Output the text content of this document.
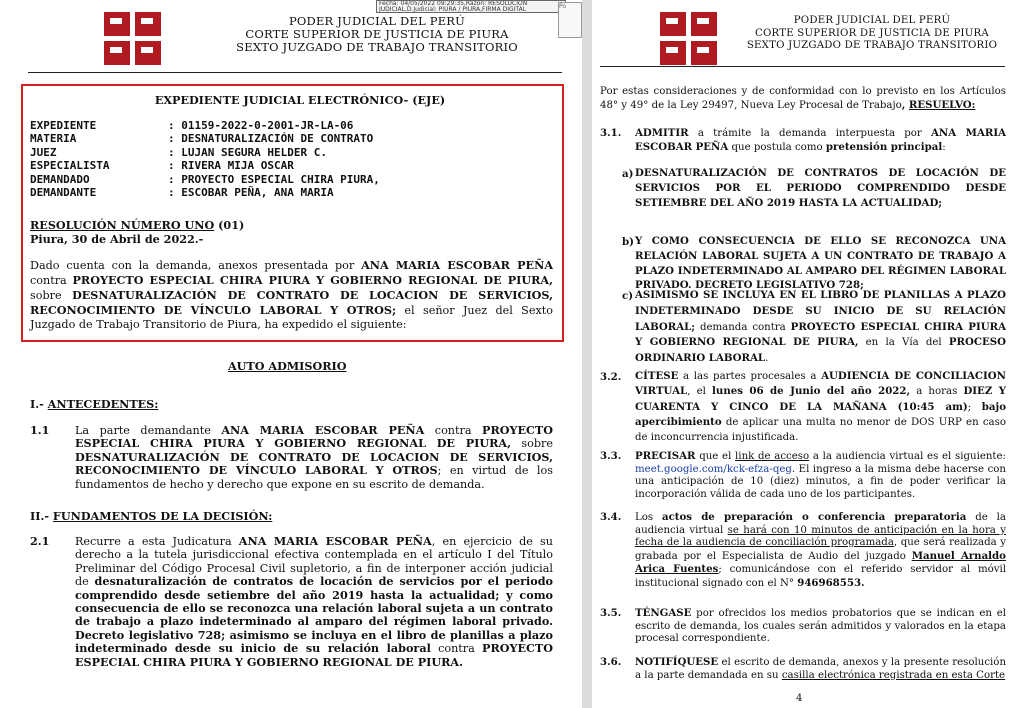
PODER JUDICIAL DEL PERÚ
CORTE SUPERIOR DE JUSTICIA DE PIURA
SEXTO JUZGADO DE TRABAJO TRANSITORIO
Fecha: 04/05/2022 09:29:35,Razón: RESOLUCIÓN
JUDICIAL,D.Judicial: PIURA / PIURA,FIRMA DIGITAL	Po
EXPEDIENTE JUDICIAL ELECTRÓNICO- (EJE)
EXPEDIENTE	: 01159-2022-0-2001-JR-LA-06
MATERIA	: DESNATURALIZACIÓN DE CONTRATO
JUEZ	: LUJAN SEGURA HELDER C.
ESPECIALISTA	: RIVERA MIJA OSCAR
DEMANDADO	: PROYECTO ESPECIAL CHIRA PIURA,
DEMANDANTE	: ESCOBAR PEÑA, ANA MARIA
RESOLUCIÓN NÚMERO UNO (01)
Piura, 30 de Abril de 2022.-
Dado cuenta con la demanda, anexos presentada por ANA MARIA ESCOBAR PEÑA contra PROYECTO ESPECIAL CHIRA PIURA Y GOBIERNO REGIONAL DE PIURA, sobre DESNATURALIZACIÓN DE CONTRATO DE LOCACION DE SERVICIOS, RECONOCIMIENTO DE VÍNCULO LABORAL Y OTROS; el señor Juez del Sexto Juzgado de Trabajo Transitorio de Piura, ha expedido el siguiente:
AUTO ADMISORIO
I.- ANTECEDENTES:
1.1 La parte demandante ANA MARIA ESCOBAR PEÑA contra PROYECTO ESPECIAL CHIRA PIURA Y GOBIERNO REGIONAL DE PIURA, sobre DESNATURALIZACIÓN DE CONTRATO DE LOCACION DE SERVICIOS, RECONOCIMIENTO DE VÍNCULO LABORAL Y OTROS; en virtud de los fundamentos de hecho y derecho que expone en su escrito de demanda.
II.- FUNDAMENTOS DE LA DECISIÓN:
2.1 Recurre a esta Judicatura ANA MARIA ESCOBAR PEÑA, en ejercicio de su derecho a la tutela jurisdiccional efectiva contemplada en el artículo I del Título Preliminar del Código Procesal Civil supletorio, a fin de interponer acción judicial de desnaturalización de contratos de locación de servicios por el periodo comprendido desde setiembre del año 2019 hasta la actualidad; y como consecuencia de ello se reconozca una relación laboral sujeta a un contrato de trabajo a plazo indeterminado al amparo del régimen laboral privado. Decreto legislativo 728; asimismo se incluya en el libro de planillas a plazo indeterminado desde su inicio de su relación laboral contra PROYECTO ESPECIAL CHIRA PIURA Y GOBIERNO REGIONAL DE PIURA.
PODER JUDICIAL DEL PERÚ
CORTE SUPERIOR DE JUSTICIA DE PIURA
SEXTO JUZGADO DE TRABAJO TRANSITORIO
Por estas consideraciones y de conformidad con lo previsto en los Artículos 48° y 49° de la Ley 29497, Nueva Ley Procesal de Trabajo, RESUELVO:
3.1. ADMITIR a trámite la demanda interpuesta por ANA MARIA ESCOBAR PEÑA que postula como pretensión principal:
a) DESNATURALIZACIÓN DE CONTRATOS DE LOCACIÓN DE SERVICIOS POR EL PERIODO COMPRENDIDO DESDE SETIEMBRE DEL AÑO 2019 HASTA LA ACTUALIDAD;
b) Y COMO CONSECUENCIA DE ELLO SE RECONOZCA UNA RELACIÓN LABORAL SUJETA A UN CONTRATO DE TRABAJO A PLAZO INDETERMINADO AL AMPARO DEL RÉGIMEN LABORAL PRIVADO. DECRETO LEGISLATIVO 728;
c) ASIMISMO SE INCLUYA EN EL LIBRO DE PLANILLAS A PLAZO INDETERMINADO DESDE SU INICIO DE SU RELACIÓN LABORAL; demanda contra PROYECTO ESPECIAL CHIRA PIURA Y GOBIERNO REGIONAL DE PIURA, en la Vía del PROCESO ORDINARIO LABORAL.
3.2. CÍTESE a las partes procesales a AUDIENCIA DE CONCILIACION VIRTUAL, el lunes 06 de Junio del año 2022, a horas DIEZ Y CUARENTA Y CINCO DE LA MAÑANA (10:45 am); bajo apercibimiento de aplicar una multa no menor de DOS URP en caso de inconcurrencia injustificada.
3.3. PRECISAR que el link de acceso a la audiencia virtual es el siguiente: meet.google.com/kck-efza-qeg. El ingreso a la misma debe hacerse con una anticipación de 10 (diez) minutos, a fin de poder verificar la incorporación válida de cada uno de los participantes.
3.4. Los actos de preparación o conferencia preparatoria de la audiencia virtual se hará con 10 minutos de anticipación en la hora y fecha de la audiencia de conciliación programada, que será realizada y grabada por el Especialista de Audio del juzgado Manuel Arnaldo Arica Fuentes; comunicándose con el referido servidor al móvil institucional signado con el N° 946968553.
3.5. TÉNGASE por ofrecidos los medios probatorios que se indican en el escrito de demanda, los cuales serán admitidos y valorados en la etapa procesal correspondiente.
3.6. NOTIFÍQUESE el escrito de demanda, anexos y la presente resolución a la parte demandada en su casilla electrónica registrada en esta Corte
4
